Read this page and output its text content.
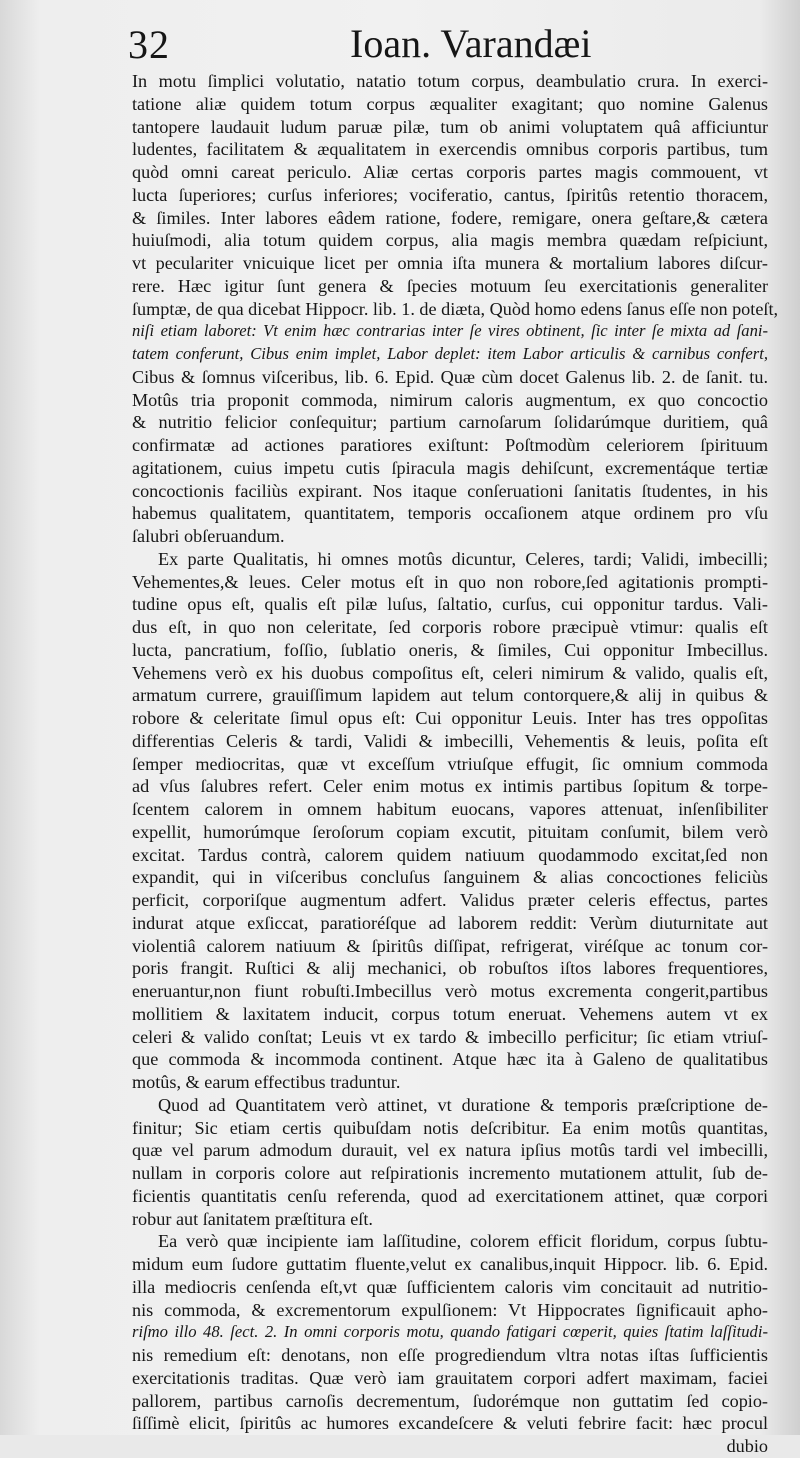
32	Ioan. Varandæi
In motu ſimplici volutatio, natatio totum corpus, deambulatio crura. In exerci-
tatione aliæ quidem totum corpus æqualiter exagitant; quo nomine Galenus
tantopere laudauit ludum paruæ pilæ, tum ob animi voluptatem quâ afficiuntur
ludentes, facilitatem & æqualitatem in exercendis omnibus corporis partibus, tum
quòd omni careat periculo. Aliæ certas corporis partes magis commouent, vt
lucta ſuperiores; curſus inferiores; vociferatio, cantus, ſpiritûs retentio thoracem,
& ſimiles. Inter labores eâdem ratione, fodere, remigare, onera geſtare,& cætera
huiuſmodi, alia totum quidem corpus, alia magis membra quædam reſpiciunt,
vt peculariter vnicuique licet per omnia iſta munera & mortalium labores diſcur-
rere. Hæc igitur ſunt genera & ſpecies motuum ſeu exercitationis generaliter
ſumptæ, de qua dicebat Hippocr. lib. 1. de diæta, Quòd homo edens ſanus eſſe non poteſt,
niſi etiam laboret: Vt enim hæc contrarias inter ſe vires obtinent, ſic inter ſe mixta ad ſani-
tatem conferunt, Cibus enim implet, Labor deplet: item Labor articulis & carnibus confert,
Cibus & ſomnus viſceribus, lib. 6. Epid. Quæ cùm docet Galenus lib. 2. de ſanit. tu.
Motûs tria proponit commoda, nimirum caloris augmentum, ex quo concoctio
& nutritio felicior conſequitur; partium carnoſarum ſolidarúmque duritiem, quâ
confirmatæ ad actiones paratiores exiſtunt: Poſtmodùm celeriorem ſpirituum
agitationem, cuius impetu cutis ſpiracula magis dehiſcunt, excrementáque tertiæ
concoctionis faciliùs expirant. Nos itaque conſeruationi ſanitatis ſtudentes, in his
habemus qualitatem, quantitatem, temporis occaſionem atque ordinem pro vſu
ſalubri obſeruandum.
Ex parte Qualitatis, hi omnes motûs dicuntur, Celeres, tardi; Validi, imbecilli;
Vehementes,& leues. Celer motus eſt in quo non robore,ſed agitationis prompti-
tudine opus eſt, qualis eſt pilæ luſus, ſaltatio, curſus, cui opponitur tardus. Vali-
dus eſt, in quo non celeritate, ſed corporis robore præcipuè vtimur: qualis eſt
lucta, pancratium, foſſio, ſublatio oneris, & ſimiles, Cui opponitur Imbecillus.
Vehemens verò ex his duobus compoſitus eſt, celeri nimirum & valido, qualis eſt,
armatum currere, grauiſſimum lapidem aut telum contorquere,& alij in quibus &
robore & celeritate ſimul opus eſt: Cui opponitur Leuis. Inter has tres oppoſitas
differentias Celeris & tardi, Validi & imbecilli, Vehementis & leuis, poſita eſt
ſemper mediocritas, quæ vt exceſſum vtriuſque effugit, ſic omnium commoda
ad vſus ſalubres refert. Celer enim motus ex intimis partibus ſopitum & torpe-
ſcentem calorem in omnem habitum euocans, vapores attenuat, inſenſibiliter
expellit, humorúmque ſeroſorum copiam excutit, pituitam conſumit, bilem verò
excitat. Tardus contrà, calorem quidem natiuum quodammodo excitat,ſed non
expandit, qui in viſceribus concluſus ſanguinem & alias concoctiones feliciùs
perficit, corporiſque augmentum adfert. Validus præter celeris effectus, partes
indurat atque exſiccat, paratioréſque ad laborem reddit: Verùm diuturnitate aut
violentiâ calorem natiuum & ſpiritûs diſſipat, refrigerat, viréſque ac tonum cor-
poris frangit. Ruſtici & alij mechanici, ob robuſtos iſtos labores frequentiores,
eneruantur,non fiunt robuſti.Imbecillus verò motus excrementa congerit,partibus
mollitiem & laxitatem inducit, corpus totum eneruat. Vehemens autem vt ex
celeri & valido conſtat; Leuis vt ex tardo & imbecillo perficitur; ſic etiam vtriuſ-
que commoda & incommoda continent. Atque hæc ita à Galeno de qualitatibus
motûs, & earum effectibus traduntur.
Quod ad Quantitatem verò attinet, vt duratione & temporis præſcriptione de-
finitur; Sic etiam certis quibuſdam notis deſcribitur. Ea enim motûs quantitas,
quæ vel parum admodum durauit, vel ex natura ipſius motûs tardi vel imbecilli,
nullam in corporis colore aut reſpirationis incremento mutationem attulit, ſub de-
ficientis quantitatis cenſu referenda, quod ad exercitationem attinet, quæ corpori
robur aut ſanitatem præſtitura eſt.
Ea verò quæ incipiente iam laſſitudine, colorem efficit floridum, corpus ſubtu-
midum eum ſudore guttatim fluente,velut ex canalibus,inquit Hippocr. lib. 6. Epid.
illa mediocris cenſenda eſt,vt quæ ſufficientem caloris vim concitauit ad nutritio-
nis commoda, & excrementorum expulſionem: Vt Hippocrates ſignificauit apho-
riſmo illo 48. ſect. 2. In omni corporis motu, quando fatigari cœperit, quies ſtatim laſſitudi-
nis remedium eſt: denotans, non eſſe progrediendum vltra notas iſtas ſufficientis
exercitationis traditas. Quæ verò iam grauitatem corpori adfert maximam, faciei
pallorem, partibus carnoſis decrementum, ſudorémque non guttatim ſed copio-
ſiſſimè elicit, ſpiritûs ac humores excandeſcere & veluti febrire facit: hæc procul
dubio
